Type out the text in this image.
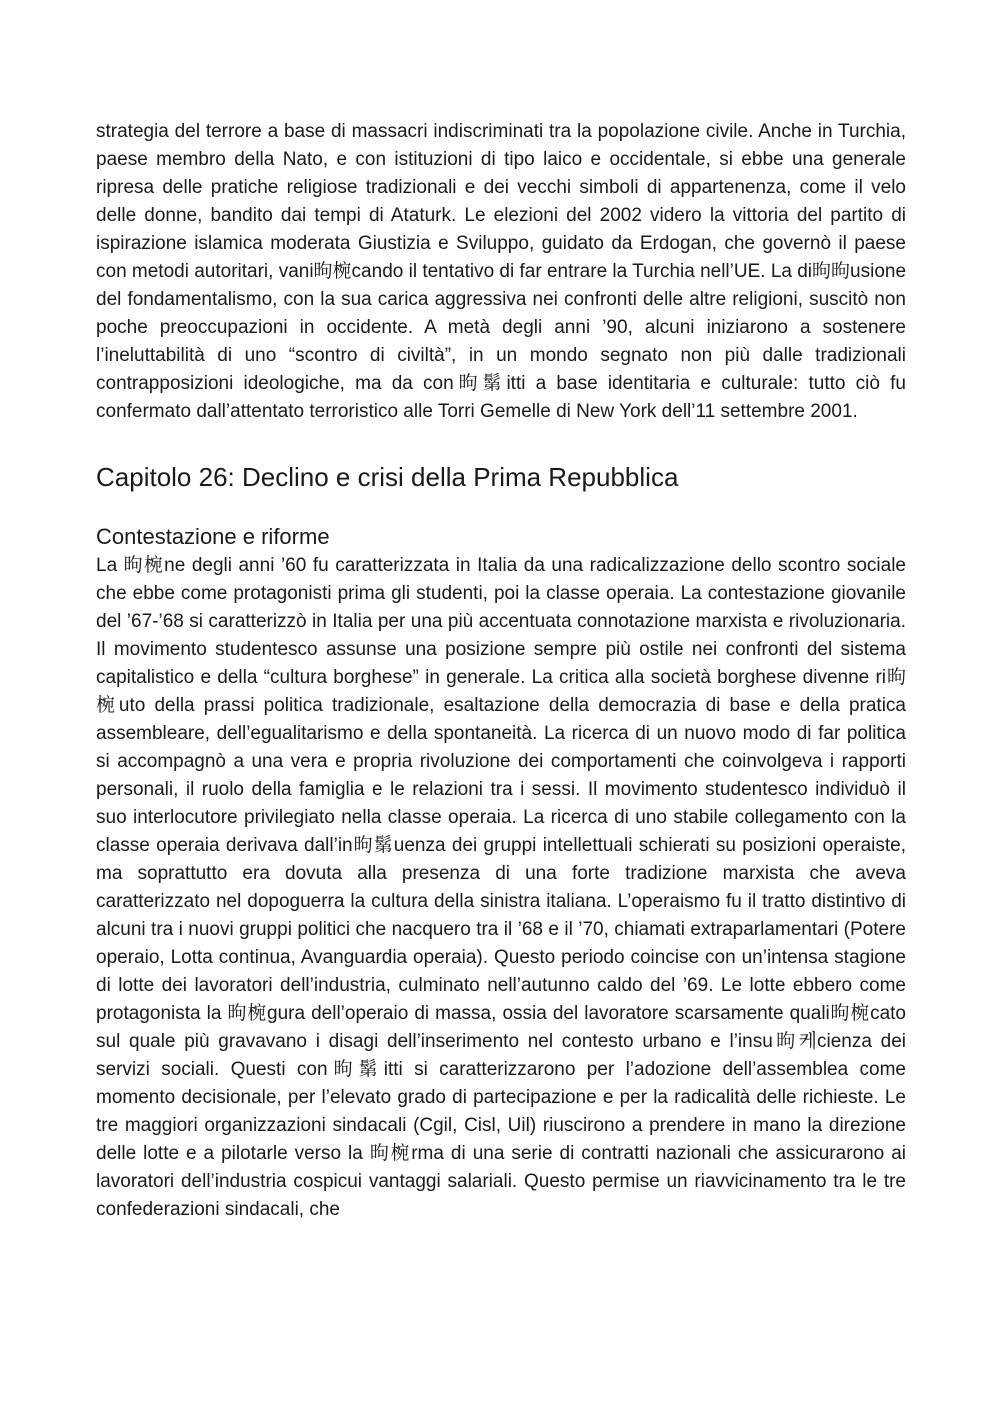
strategia del terrore a base di massacri indiscriminati tra la popolazione civile. Anche in Turchia, paese membro della Nato, e con istituzioni di tipo laico e occidentale, si ebbe una generale ripresa delle pratiche religiose tradizionali e dei vecchi simboli di appartenenza, come il velo delle donne, bandito dai tempi di Ataturk. Le elezioni del 2002 videro la vittoria del partito di ispirazione islamica moderata Giustizia e Sviluppo, guidato da Erdogan, che governò il paese con metodi autoritari, vani昫椀cando il tentativo di far entrare la Turchia nell’UE. La di昫昫usione del fondamentalismo, con la sua carica aggressiva nei confronti delle altre religioni, suscitò non poche preoccupazioni in occidente. A metà degli anni ’90, alcuni iniziarono a sostenere l’ineluttabilità di uno “scontro di civiltà”, in un mondo segnato non più dalle tradizionali contrapposizioni ideologiche, ma da con昫鬀itti a base identitaria e culturale: tutto ciò fu confermato dall’attentato terroristico alle Torri Gemelle di New York dell’11 settembre 2001.

Capitolo 26: Declino e crisi della Prima Repubblica
Contestazione e riforme

La 昫椀ne degli anni ’60 fu caratterizzata in Italia da una radicalizzazione dello scontro sociale che ebbe come protagonisti prima gli studenti, poi la classe operaia. La contestazione giovanile del ’67-’68 si caratterizzò in Italia per una più accentuata connotazione marxista e rivoluzionaria. Il movimento studentesco assunse una posizione sempre più ostile nei confronti del sistema capitalistico e della “cultura borghese” in generale. La critica alla società borghese divenne ri昫椀uto della prassi politica tradizionale, esaltazione della democrazia di base e della pratica assembleare, dell’egualitarismo e della spontaneità. La ricerca di un nuovo modo di far politica si accompagnò a una vera e propria rivoluzione dei comportamenti che coinvolgeva i rapporti personali, il ruolo della famiglia e le relazioni tra i sessi. Il movimento studentesco individuò il suo interlocutore privilegiato nella classe operaia. La ricerca di uno stabile collegamento con la classe operaia derivava dall’in昫鬀uenza dei gruppi intellettuali schierati su posizioni operaiste, ma soprattutto era dovuta alla presenza di una forte tradizione marxista che aveva caratterizzato nel dopoguerra la cultura della sinistra italiana. L’operaismo fu il tratto distintivo di alcuni tra i nuovi gruppi politici che nacquero tra il ’68 e il ’70, chiamati extraparlamentari (Potere operaio, Lotta continua, Avanguardia operaia). Questo periodo coincise con un’intensa stagione di lotte dei lavoratori dell’industria, culminato nell’autunno caldo del ’69. Le lotte ebbero come protagonista la 昫椀gura dell’operaio di massa, ossia del lavoratore scarsamente quali昫椀cato sul quale più gravavano i disagi dell’inserimento nel contesto urbano e l’insu昫케cienza dei servizi sociali. Questi con昫鬀itti si caratterizzarono per l’adozione dell’assemblea come momento decisionale, per l’elevato grado di partecipazione e per la radicalità delle richieste. Le tre maggiori organizzazioni sindacali (Cgil, Cisl, Uil) riuscirono a prendere in mano la direzione delle lotte e a pilotarle verso la 昫椀rma di una serie di contratti nazionali che assicurarono ai lavoratori dell’industria cospicui vantaggi salariali. Questo permise un riavvicinamento tra le tre confederazioni sindacali, che
